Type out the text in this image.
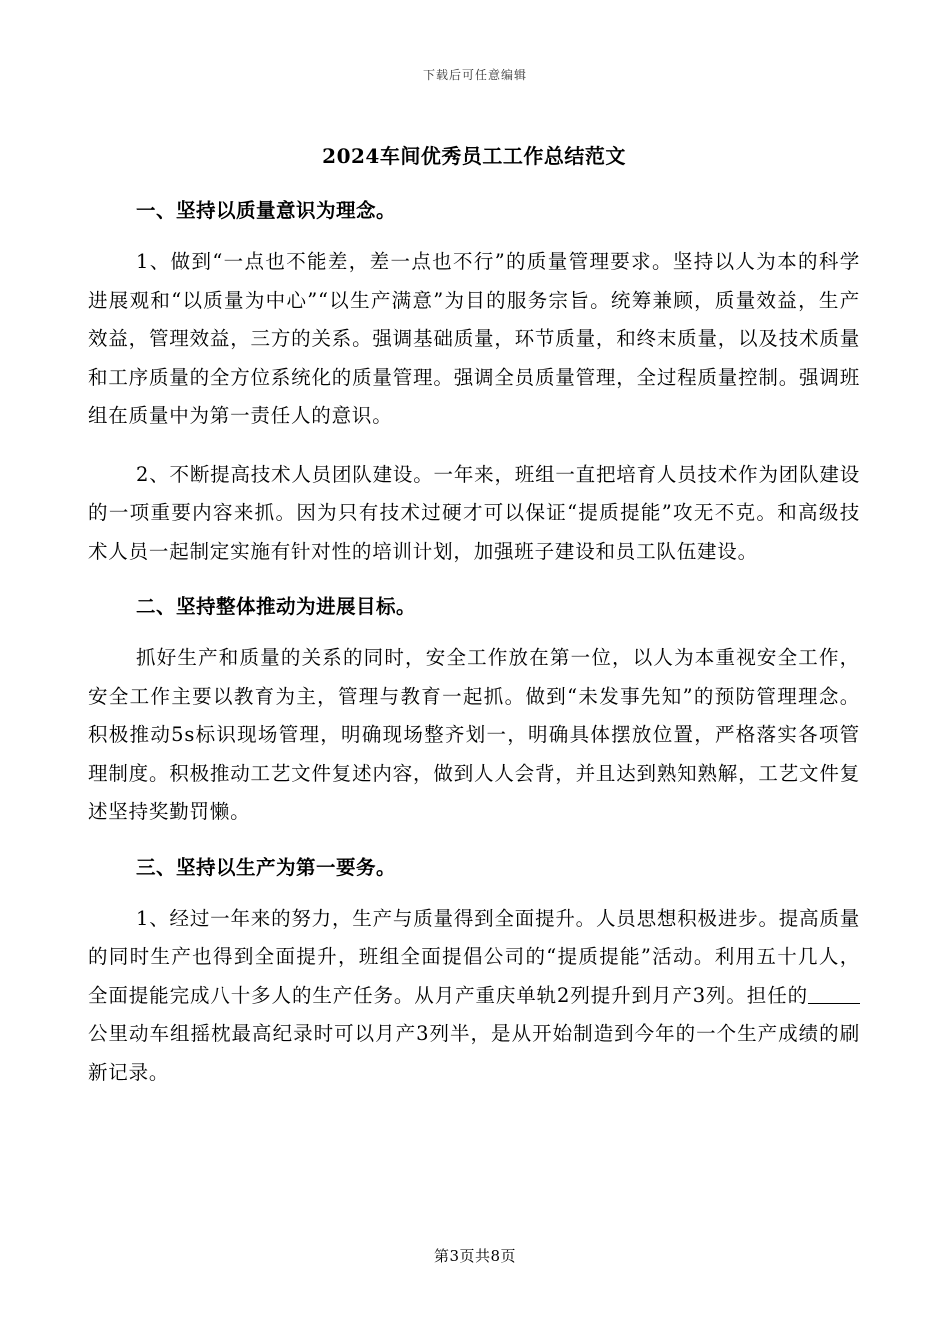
下载后可任意编辑
2024车间优秀员工工作总结范文
一、坚持以质量意识为理念。

1、做到“一点也不能差，差一点也不行”的质量管理要求。坚持以人为本的科学进展观和“以质量为中心”“以生产满意”为目的服务宗旨。统筹兼顾，质量效益，生产效益，管理效益，三方的关系。强调基础质量，环节质量，和终末质量，以及技术质量和工序质量的全方位系统化的质量管理。强调全员质量管理，全过程质量控制。强调班组在质量中为第一责任人的意识。

2、不断提高技术人员团队建设。一年来，班组一直把培育人员技术作为团队建设的一项重要内容来抓。因为只有技术过硬才可以保证“提质提能”攻无不克。和高级技术人员一起制定实施有针对性的培训计划，加强班子建设和员工队伍建设。

二、坚持整体推动为进展目标。

抓好生产和质量的关系的同时，安全工作放在第一位，以人为本重视安全工作，安全工作主要以教育为主，管理与教育一起抓。做到“未发事先知”的预防管理理念。积极推动5s标识现场管理，明确现场整齐划一，明确具体摆放位置，严格落实各项管理制度。积极推动工艺文件复述内容，做到人人会背，并且达到熟知熟解，工艺文件复述坚持奖勤罚懒。

三、坚持以生产为第一要务。

1、经过一年来的努力，生产与质量得到全面提升。人员思想积极进步。提高质量的同时生产也得到全面提升，班组全面提倡公司的“提质提能”活动。利用五十几人，全面提能完成八十多人的生产任务。从月产重庆单轨2列提升到月产3列。担任的公里动车组摇枕最高纪录时可以月产3列半，是从开始制造到今年的一个生产成绩的刷新记录。

第3页共8页
